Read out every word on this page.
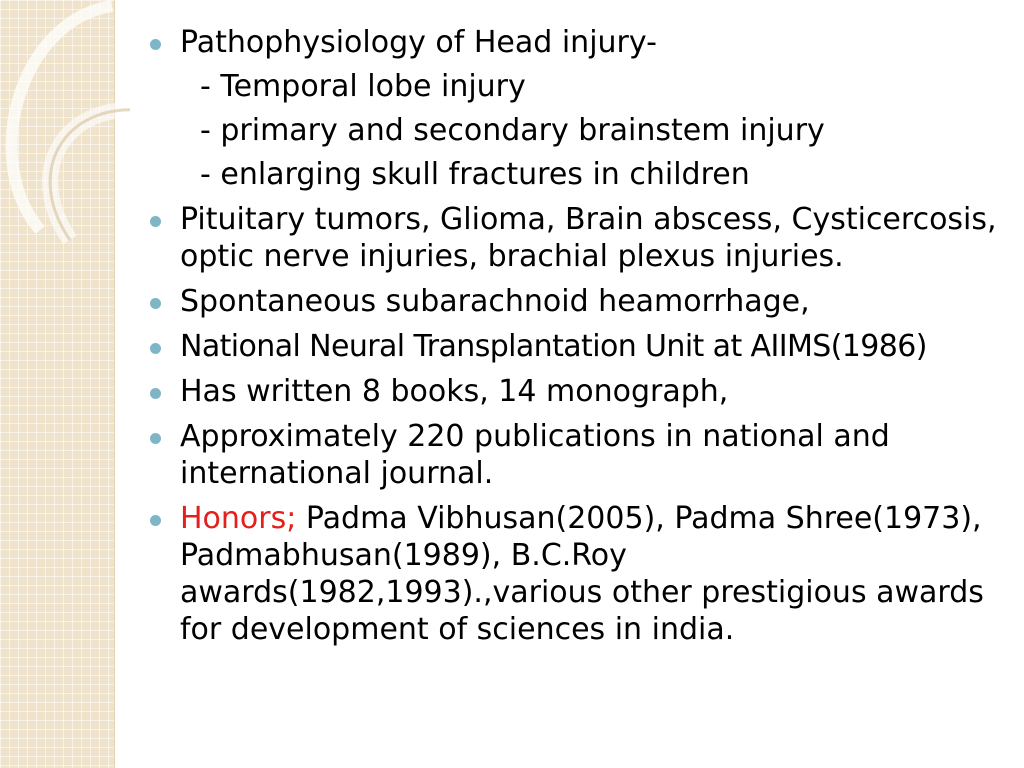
Pathophysiology of Head injury-
- Temporal lobe injury
- primary and secondary brainstem injury
- enlarging skull fractures in children
Pituitary tumors, Glioma, Brain abscess, Cysticercosis, optic nerve injuries, brachial plexus injuries.
Spontaneous subarachnoid heamorrhage,
National Neural Transplantation Unit at AIIMS(1986)
Has written 8 books, 14 monograph,
Approximately 220 publications in national and international journal.
Honors; Padma Vibhusan(2005), Padma Shree(1973), Padmabhusan(1989), B.C.Roy awards(1982,1993).,various other prestigious awards for development of sciences in india.
